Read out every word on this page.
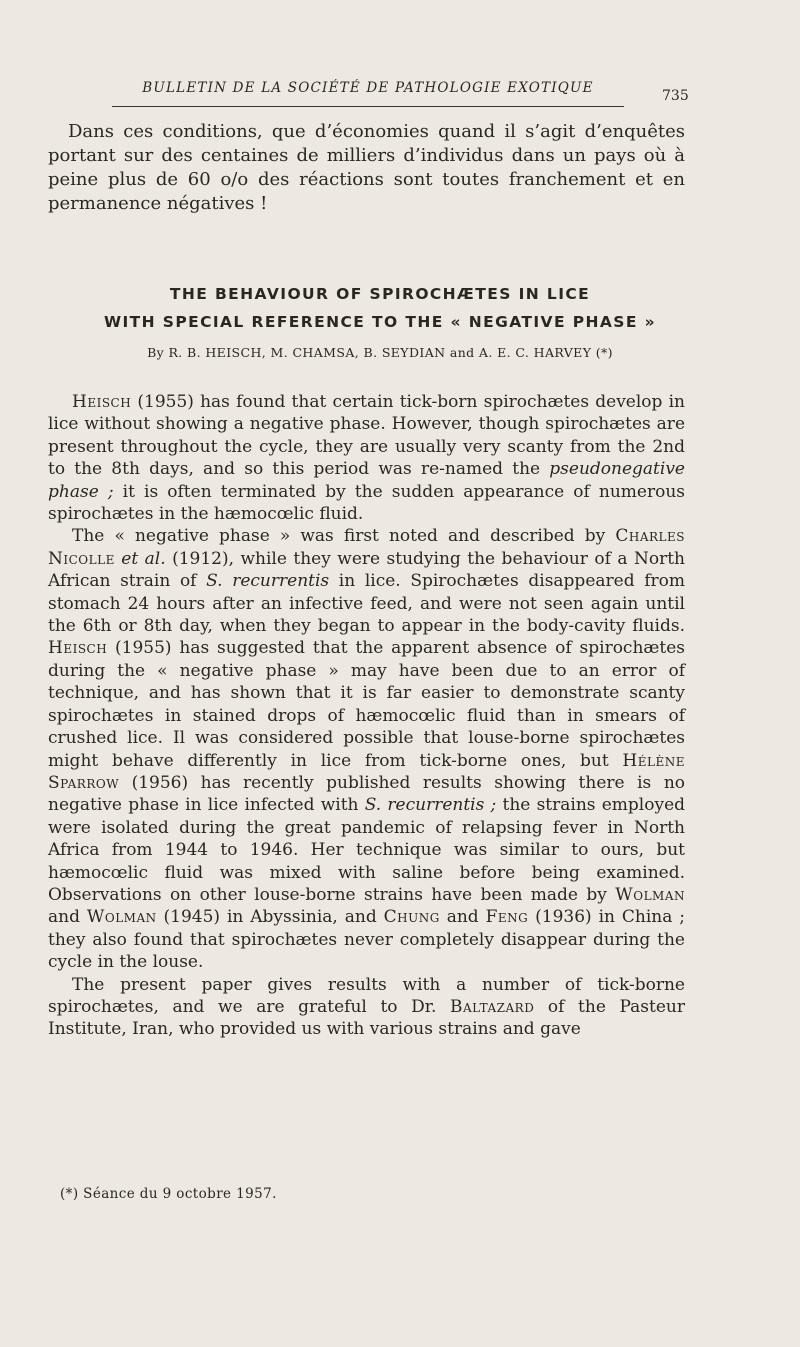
BULLETIN DE LA SOCIÉTÉ DE PATHOLOGIE EXOTIQUE	735
Dans ces conditions, que d’économies quand il s’agit d’enquêtes portant sur des centaines de milliers d’individus dans un pays où à peine plus de 60 o/o des réactions sont toutes franchement et en permanence négatives !
THE BEHAVIOUR OF SPIROCHÆTES IN LICE
WITH SPECIAL REFERENCE TO THE « NEGATIVE PHASE »
By R. B. HEISCH, M. CHAMSA, B. SEYDIAN and A. E. C. HARVEY (*)

Heisch (1955) has found that certain tick-born spirochætes develop in lice without showing a negative phase. However, though spirochætes are present throughout the cycle, they are usually very scanty from the 2nd to the 8th days, and so this period was re-named the pseudonegative phase ; it is often terminated by the sudden appearance of numerous spirochætes in the hæmocœlic fluid.

The « negative phase » was first noted and described by Charles Nicolle et al. (1912), while they were studying the behaviour of a North African strain of S. recurrentis in lice. Spirochætes disappeared from stomach 24 hours after an infective feed, and were not seen again until the 6th or 8th day, when they began to appear in the body-cavity fluids. Heisch (1955) has suggested that the apparent absence of spirochætes during the « negative phase » may have been due to an error of technique, and has shown that it is far easier to demonstrate scanty spirochætes in stained drops of hæmocœlic fluid than in smears of crushed lice. Il was considered possible that louse-borne spirochætes might behave differently in lice from tick-borne ones, but Hélène Sparrow (1956) has recently published results showing there is no negative phase in lice infected with S. recurrentis ; the strains employed were isolated during the great pandemic of relapsing fever in North Africa from 1944 to 1946. Her technique was similar to ours, but hæmocœlic fluid was mixed with saline before being examined. Observations on other louse-borne strains have been made by Wolman and Wolman (1945) in Abyssinia, and Chung and Feng (1936) in China ; they also found that spirochætes never completely disappear during the cycle in the louse.

The present paper gives results with a number of tick-borne spirochætes, and we are grateful to Dr. Baltazard of the Pasteur Institute, Iran, who provided us with various strains and gave

(*) Séance du 9 octobre 1957.
